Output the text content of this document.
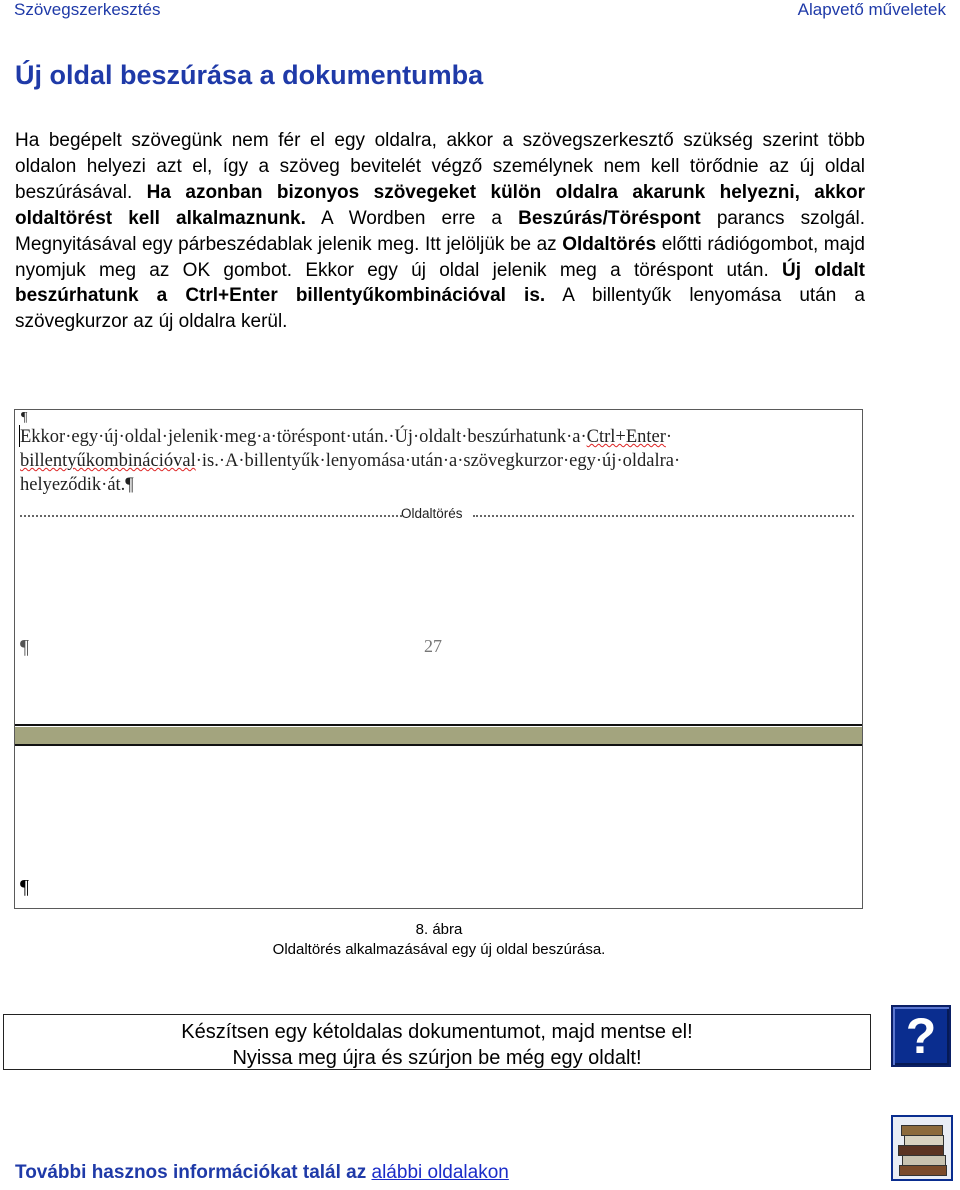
Szövegszerkesztés	Alapvető műveletek
Új oldal beszúrása a dokumentumba

Ha begépelt szövegünk nem fér el egy oldalra, akkor a szövegszerkesztő szükség szerint több oldalon helyezi azt el, így a szöveg bevitelét végző személynek nem kell törődnie az új oldal beszúrásával. Ha azonban bizonyos szövegeket külön oldalra akarunk helyezni, akkor oldaltörést kell alkalmaznunk. A Wordben erre a Beszúrás/Töréspont parancs szolgál. Megnyitásával egy párbeszédablak jelenik meg. Itt jelöljük be az Oldaltörés előtti rádiógombot, majd nyomjuk meg az OK gombot. Ekkor egy új oldal jelenik meg a töréspont után. Új oldalt beszúrhatunk a Ctrl+Enter billentyűkombinációval is. A billentyűk lenyomása után a szövegkurzor az új oldalra kerül.

¶
Ekkor·egy·új·oldal·jelenik·meg·a·töréspont·után.·Új·oldalt·beszúrhatunk·a·Ctrl+Enter·
billentyűkombinációval·is.·A·billentyűk·lenyomása·után·a·szövegkurzor·egy·új·oldalra·
helyeződik·át.¶
Oldaltörés
¶	27
¶
8. ábra
Oldaltörés alkalmazásával egy új oldal beszúrása.
Készítsen egy kétoldalas dokumentumot, majd mentse el!
Nyissa meg újra és szúrjon be még egy oldalt!	?
További hasznos információkat talál az alábbi oldalakon
